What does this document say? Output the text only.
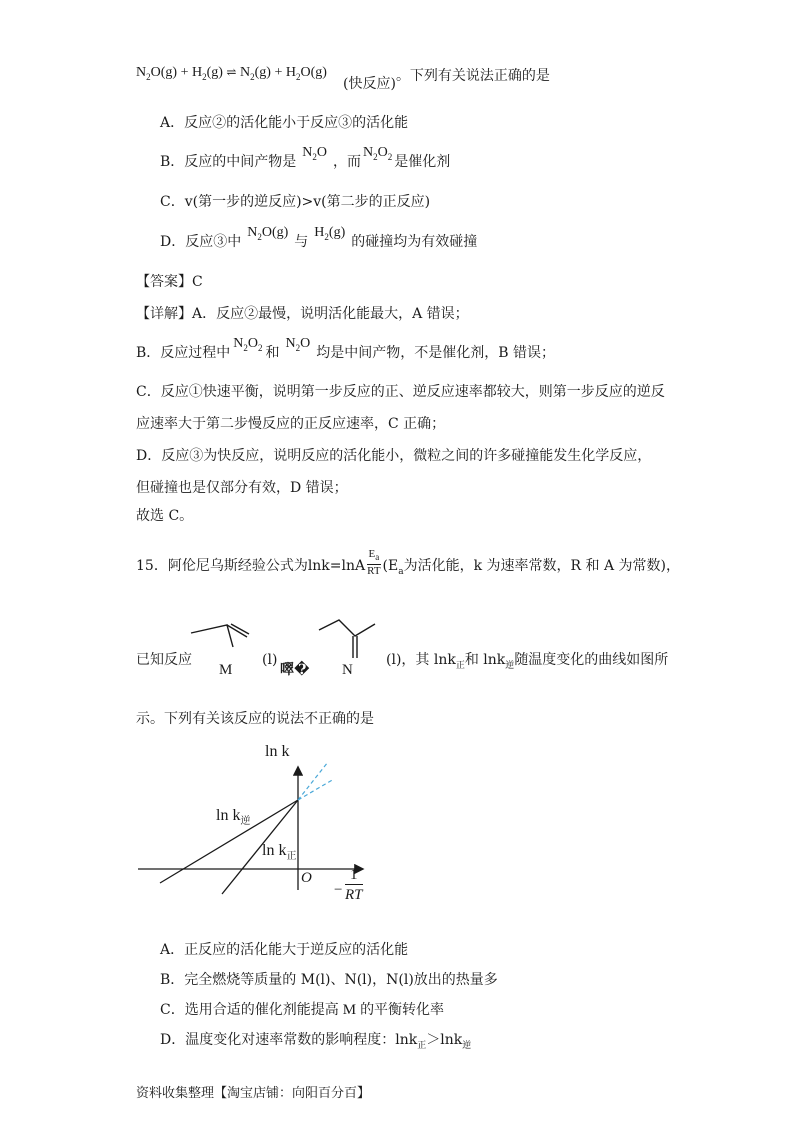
$N_2O(g) + H_2(g)$ ⇌ $N_2(g) + H_2O(g)$
(快反应)。下列有关说法正确的是
A．反应②的活化能小于反应③的活化能
B．反应的中间产物是$N_2O$，而$N_2O_2$ 是催化剂
C．v(第一步的逆反应)>v(第二步的正反应)
D．反应③中$N_2O(g)$与$H_2(g)$的碰撞均为有效碰撞
【答案】C
【详解】A．反应②最慢，说明活化能最大，A 错误；
B．反应过程中$N_2O_2$ 和$N_2O$均是中间产物，不是催化剂，B 错误；
C．反应①快速平衡，说明第一步反应的正、逆反应速率都较大，则第一步反应的逆反
应速率大于第二步慢反应的正反应速率，C 正确；
D．反应③为快反应，说明反应的活化能小，微粒之间的许多碰撞能发生化学反应，
但碰撞也是仅部分有效，D 错误；
故选 C。
15．阿伦尼乌斯经验公式为$\ln k=\ln A \frac{E_a}{RT} (E_a$为活化能，k 为速率常数，R 和 A 为常数)，
M	N
已知反应	(l)
噿�
(l)，其 lnk$_正$和 lnk$_逆$随温度变化的曲线如图所
示。下列有关该反应的说法不正确的是
ln k
$\ln k_逆$
$\ln k_正$
O
−
1
RT
A．正反应的活化能大于逆反应的活化能
B．完全燃烧等质量的 M(l)、N(l)，N(l)放出的热量多
C．选用合适的催化剂能提高 M 的平衡转化率
D．温度变化对速率常数的影响程度：lnk$_正$＞lnk$_逆$
资料收集整理【淘宝店铺：向阳百分百】
